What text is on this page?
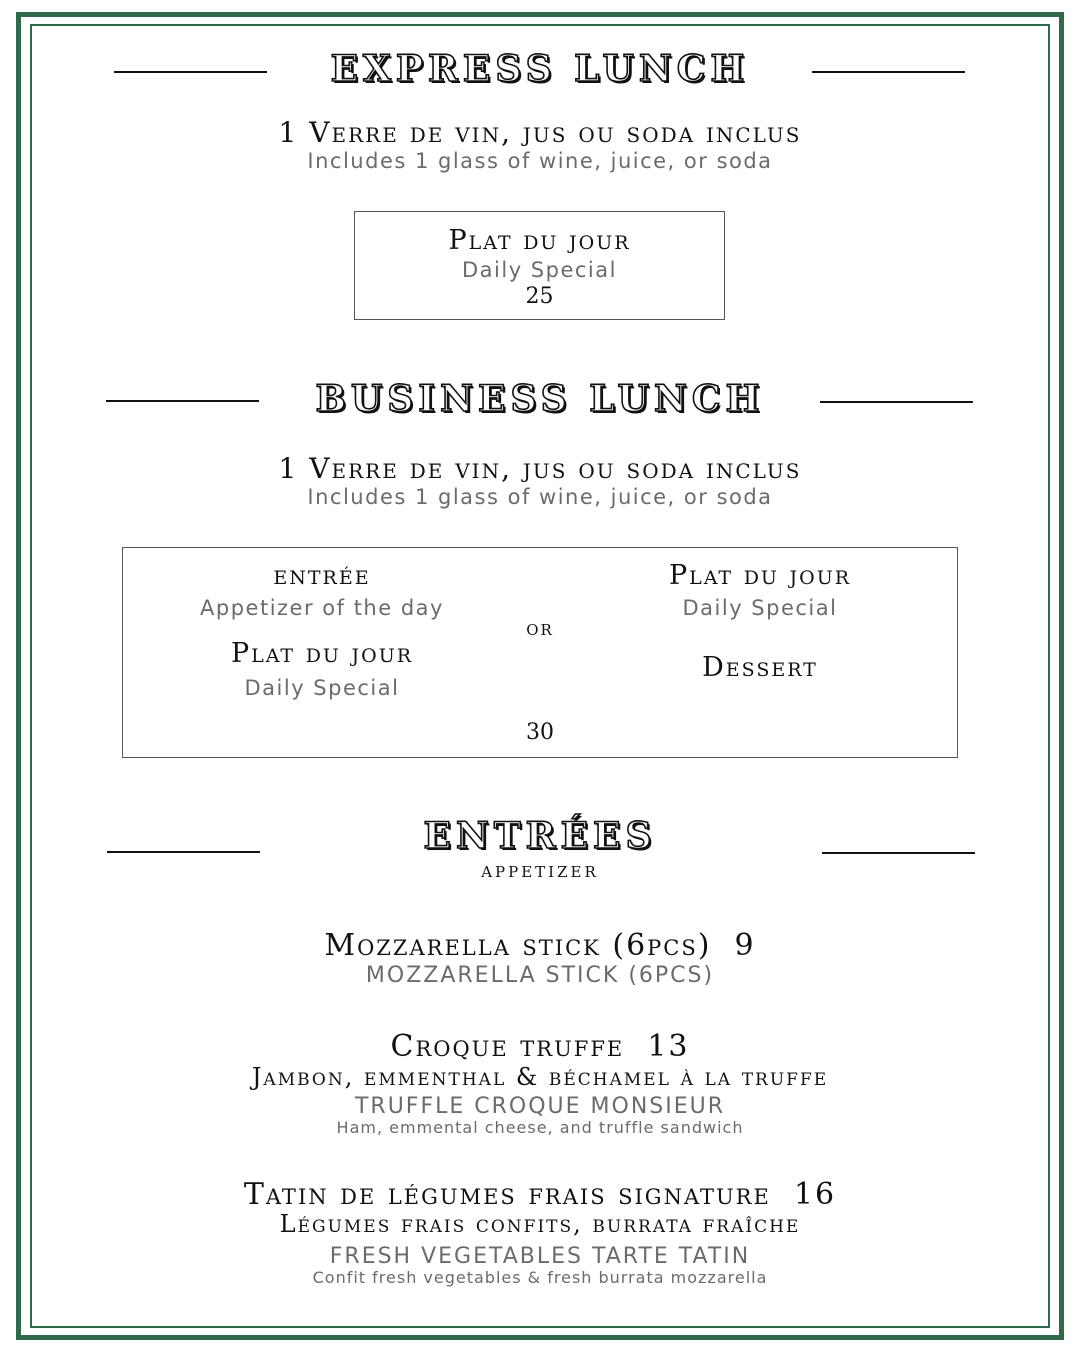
EXPRESS LUNCH
1 Verre de vin, jus ou soda inclus
Includes 1 glass of wine, juice, or soda
Plat du jour
Daily Special
25
BUSINESS LUNCH
1 Verre de vin, jus ou soda inclus
Includes 1 glass of wine, juice, or soda
entrée
Appetizer of the day
Plat du jour
Daily Special
or
Plat du jour
Daily Special
Dessert
30
ENTRÉES
APPETIZER
Mozzarella stick (6pcs) 9
MOZZARELLA STICK (6PCS)
Croque truffe 13
Jambon, emmenthal & béchamel à la truffe
TRUFFLE CROQUE MONSIEUR
Ham, emmental cheese, and truffle sandwich
Tatin de légumes frais signature 16
Légumes frais confits, burrata fraîche
FRESH VEGETABLES TARTE TATIN
Confit fresh vegetables & fresh burrata mozzarella
